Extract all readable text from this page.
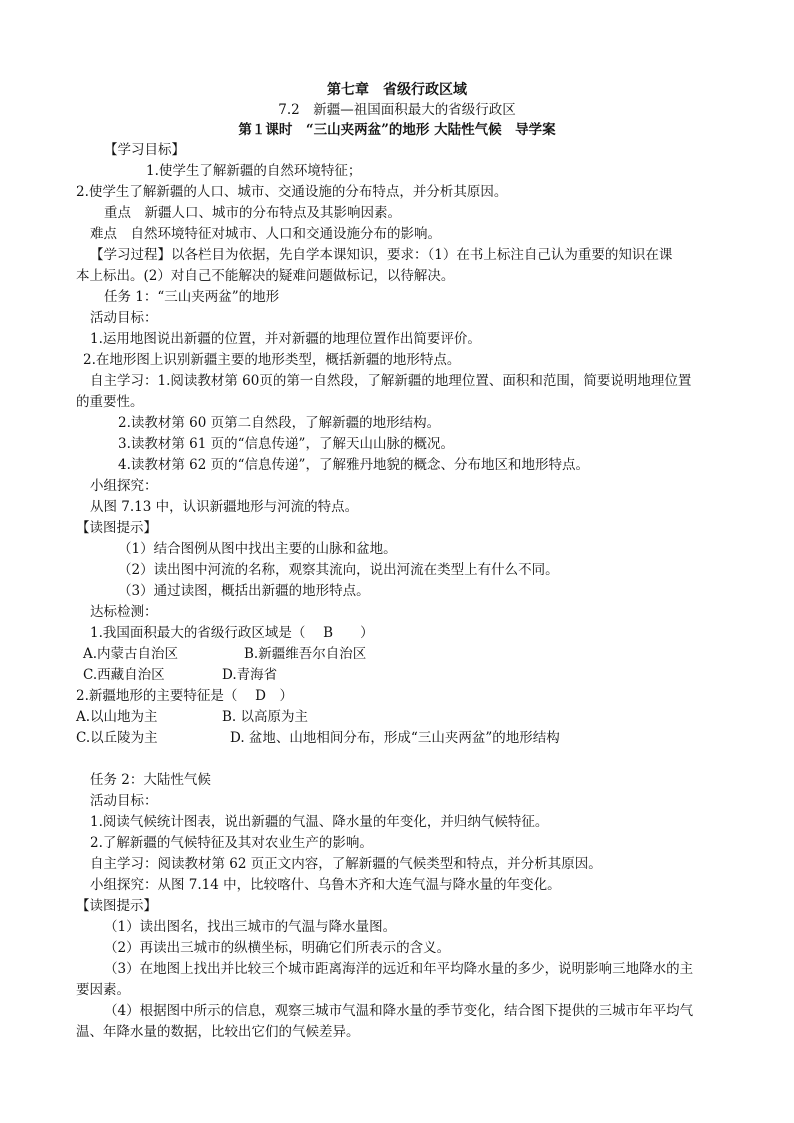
第七章　省级行政区域
7.2　新疆—祖国面积最大的省级行政区
第１课时　“三山夹两盆”的地形 大陆性气候　导学案
【学习目标】
1.使学生了解新疆的自然环境特征；
2.使学生了解新疆的人口、城市、交通设施的分布特点，并分析其原因。
重点　新疆人口、城市的分布特点及其影响因素。
难点　自然环境特征对城市、人口和交通设施分布的影响。
【学习过程】以各栏目为依据，先自学本课知识，要求：（1）在书上标注自己认为重要的知识在课
本上标出。(2）对自己不能解决的疑难问题做标记，以待解决。
任务 1：“三山夹两盆”的地形
活动目标：
1.运用地图说出新疆的位置，并对新疆的地理位置作出简要评价。
2.在地形图上识别新疆主要的地形类型，概括新疆的地形特点。
自主学习：1.阅读教材第 60页的第一自然段，了解新疆的地理位置、面积和范围，简要说明地理位置
的重要性。
2.读教材第 60 页第二自然段，了解新疆的地形结构。
3.读教材第 61 页的“信息传递”，了解天山山脉的概况。
4.读教材第 62 页的“信息传递”，了解雅丹地貌的概念、分布地区和地形特点。
小组探究：
从图 7.13 中，认识新疆地形与河流的特点。
【读图提示】
（1）结合图例从图中找出主要的山脉和盆地。
（2）读出图中河流的名称，观察其流向，说出河流在类型上有什么不同。
（3）通过读图，概括出新疆的地形特点。
达标检测：
1.我国面积最大的省级行政区域是（　 B　　）
A.内蒙古自治区	B.新疆维吾尔自治区
C.西藏自治区	D.青海省
2.新疆地形的主要特征是（　 D　）
A.以山地为主	B. 以高原为主
C.以丘陵为主	D. 盆地、山地相间分布，形成“三山夹两盆”的地形结构
任务 2：大陆性气候
活动目标：
1.阅读气候统计图表，说出新疆的气温、降水量的年变化，并归纳气候特征。
2.了解新疆的气候特征及其对农业生产的影响。
自主学习：阅读教材第 62 页正文内容，了解新疆的气候类型和特点，并分析其原因。
小组探究：从图 7.14 中，比较喀什、乌鲁木齐和大连气温与降水量的年变化。
【读图提示】
（1）读出图名，找出三城市的气温与降水量图。
（2）再读出三城市的纵横坐标，明确它们所表示的含义。
（3）在地图上找出并比较三个城市距离海洋的远近和年平均降水量的多少，说明影响三地降水的主
要因素。
（4）根据图中所示的信息，观察三城市气温和降水量的季节变化，结合图下提供的三城市年平均气
温、年降水量的数据，比较出它们的气候差异。
